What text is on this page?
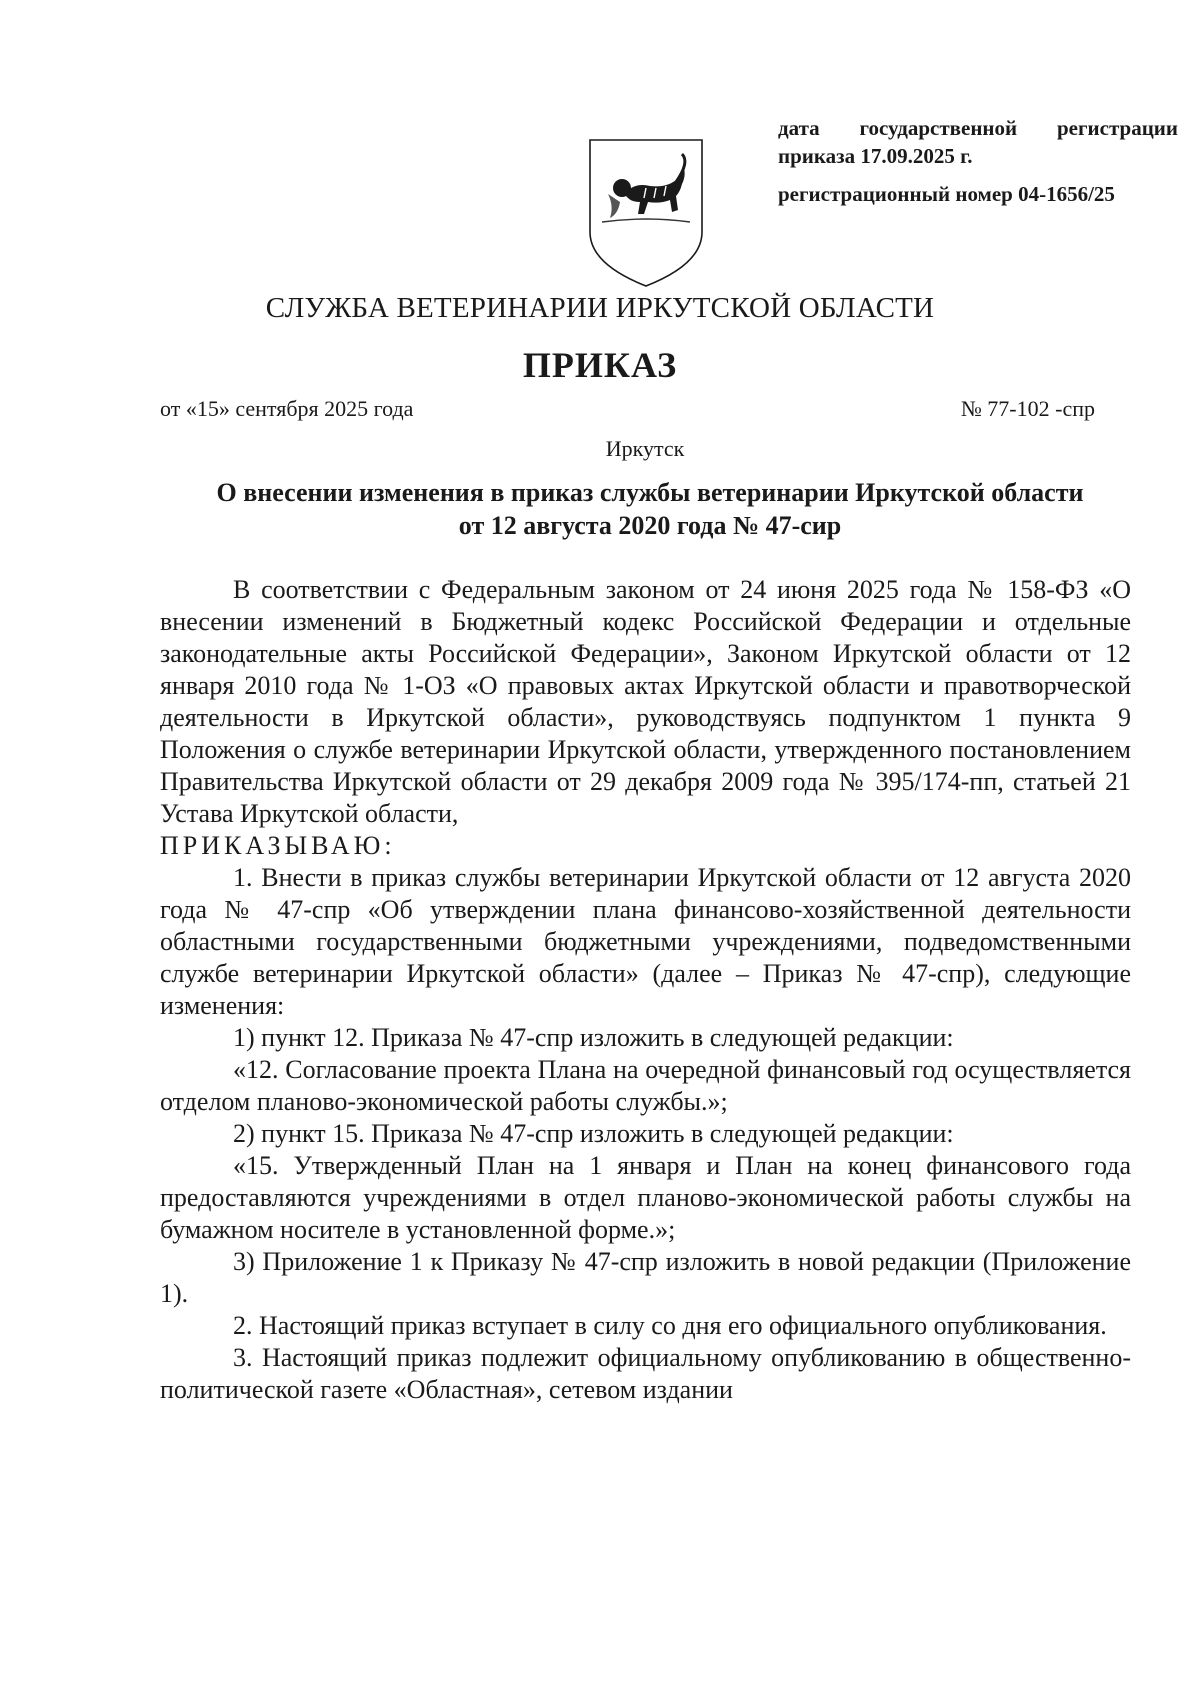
дата государственной регистрации
приказа 17.09.2025 г.
регистрационный номер 04-1656/25
СЛУЖБА ВЕТЕРИНАРИИ ИРКУТСКОЙ ОБЛАСТИ
ПРИКАЗ
от «15» сентября 2025 года	№ 77-102 -спр
Иркутск
О внесении изменения в приказ службы ветеринарии Иркутской области
от 12 августа 2020 года № 47-сир

В соответствии с Федеральным законом от 24 июня 2025 года № 158-ФЗ «О внесении изменений в Бюджетный кодекс Российской Федерации и отдельные законодательные акты Российской Федерации», Законом Иркутской области от 12 января 2010 года № 1-ОЗ «О правовых актах Иркутской области и правотворческой деятельности в Иркутской области», руководствуясь подпунктом 1 пункта 9 Положения о службе ветеринарии Иркутской области, утвержденного постановлением Правительства Иркутской области от 29 декабря 2009 года № 395/174-пп, статьей 21 Устава Иркутской области,

ПРИКАЗЫВАЮ:

1. Внести в приказ службы ветеринарии Иркутской области от 12 августа 2020 года № 47-спр «Об утверждении плана финансово-хозяйственной деятельности областными государственными бюджетными учреждениями, подведомственными службе ветеринарии Иркутской области» (далее – Приказ № 47-спр), следующие изменения:

1) пункт 12. Приказа № 47-спр изложить в следующей редакции:

«12. Согласование проекта Плана на очередной финансовый год осуществляется отделом планово-экономической работы службы.»;

2) пункт 15. Приказа № 47-спр изложить в следующей редакции:

«15. Утвержденный План на 1 января и План на конец финансового года предоставляются учреждениями в отдел планово-экономической работы службы на бумажном носителе в установленной форме.»;

3) Приложение 1 к Приказу № 47-спр изложить в новой редакции (Приложение 1).

2. Настоящий приказ вступает в силу со дня его официального опубликования.

3. Настоящий приказ подлежит официальному опубликованию в общественно-политической газете «Областная», сетевом издании
